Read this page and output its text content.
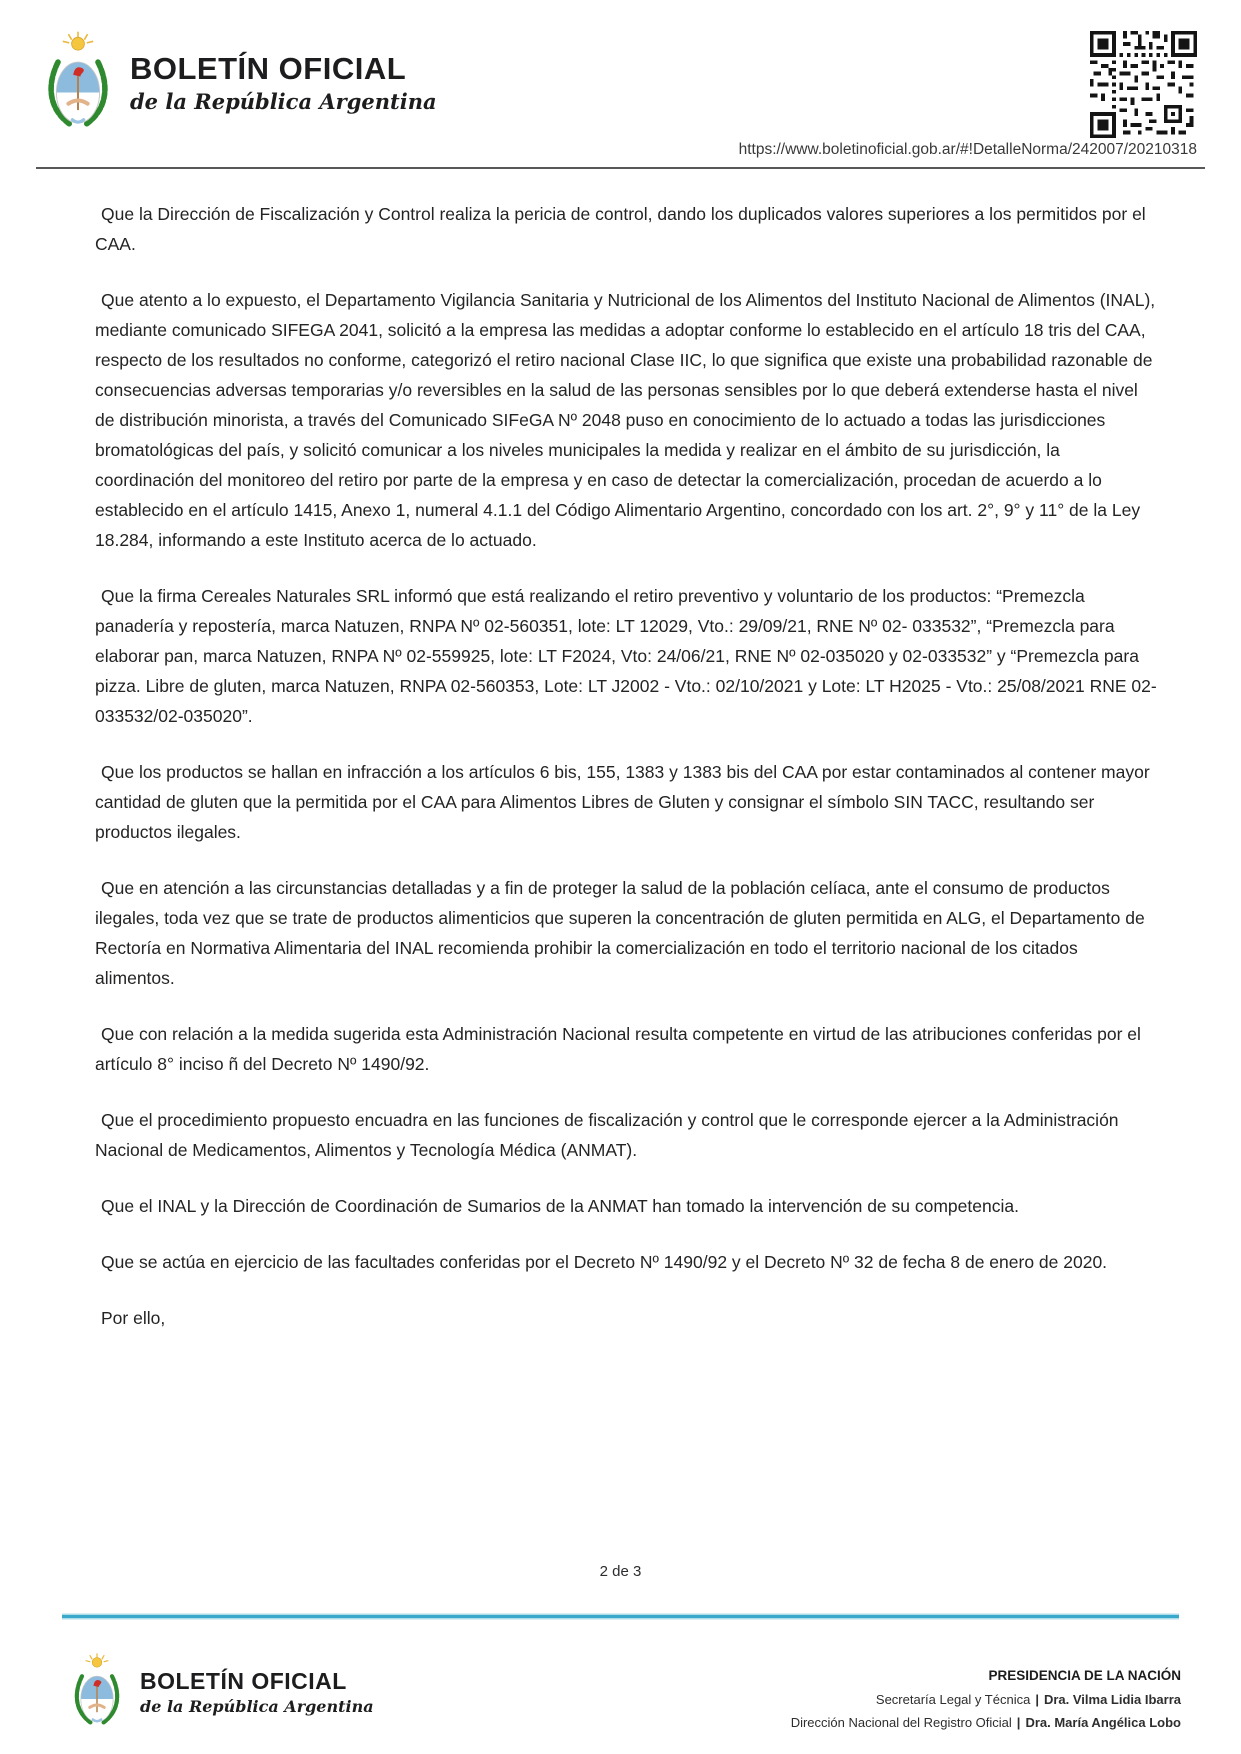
BOLETÍN OFICIAL
de la República Argentina
https://www.boletinoficial.gob.ar/#!DetalleNorma/242007/20210318

Que la Dirección de Fiscalización y Control realiza la pericia de control, dando los duplicados valores superiores a los permitidos por el CAA.

Que atento a lo expuesto, el Departamento Vigilancia Sanitaria y Nutricional de los Alimentos del Instituto Nacional de Alimentos (INAL), mediante comunicado SIFEGA 2041, solicitó a la empresa las medidas a adoptar conforme lo establecido en el artículo 18 tris del CAA, respecto de los resultados no conforme, categorizó el retiro nacional Clase IIC, lo que significa que existe una probabilidad razonable de consecuencias adversas temporarias y/o reversibles en la salud de las personas sensibles por lo que deberá extenderse hasta el nivel de distribución minorista, a través del Comunicado SIFeGA Nº 2048 puso en conocimiento de lo actuado a todas las jurisdicciones bromatológicas del país, y solicitó comunicar a los niveles municipales la medida y realizar en el ámbito de su jurisdicción, la coordinación del monitoreo del retiro por parte de la empresa y en caso de detectar la comercialización, procedan de acuerdo a lo establecido en el artículo 1415, Anexo 1, numeral 4.1.1 del Código Alimentario Argentino, concordado con los art. 2°, 9° y 11° de la Ley 18.284, informando a este Instituto acerca de lo actuado.

Que la firma Cereales Naturales SRL informó que está realizando el retiro preventivo y voluntario de los productos: “Premezcla panadería y repostería, marca Natuzen, RNPA Nº 02-560351, lote: LT 12029, Vto.: 29/09/21, RNE Nº 02- 033532”, “Premezcla para elaborar pan, marca Natuzen, RNPA Nº 02-559925, lote: LT F2024, Vto: 24/06/21, RNE Nº 02-035020 y 02-033532” y “Premezcla para pizza. Libre de gluten, marca Natuzen, RNPA 02-560353, Lote: LT J2002 - Vto.: 02/10/2021 y Lote: LT H2025 - Vto.: 25/08/2021 RNE 02-033532/02-035020”.

Que los productos se hallan en infracción a los artículos 6 bis, 155, 1383 y 1383 bis del CAA por estar contaminados al contener mayor cantidad de gluten que la permitida por el CAA para Alimentos Libres de Gluten y consignar el símbolo SIN TACC, resultando ser productos ilegales.

Que en atención a las circunstancias detalladas y a fin de proteger la salud de la población celíaca, ante el consumo de productos ilegales, toda vez que se trate de productos alimenticios que superen la concentración de gluten permitida en ALG, el Departamento de Rectoría en Normativa Alimentaria del INAL recomienda prohibir la comercialización en todo el territorio nacional de los citados alimentos.

Que con relación a la medida sugerida esta Administración Nacional resulta competente en virtud de las atribuciones conferidas por el artículo 8° inciso ñ del Decreto Nº 1490/92.

Que el procedimiento propuesto encuadra en las funciones de fiscalización y control que le corresponde ejercer a la Administración Nacional de Medicamentos, Alimentos y Tecnología Médica (ANMAT).

Que el INAL y la Dirección de Coordinación de Sumarios de la ANMAT han tomado la intervención de su competencia.

Que se actúa en ejercicio de las facultades conferidas por el Decreto Nº 1490/92 y el Decreto Nº 32 de fecha 8 de enero de 2020.

Por ello,

2 de 3
BOLETÍN OFICIAL
de la República Argentina
PRESIDENCIA DE LA NACIÓN
Secretaría Legal y Técnica | Dra. Vilma Lidia Ibarra
Dirección Nacional del Registro Oficial | Dra. María Angélica Lobo
